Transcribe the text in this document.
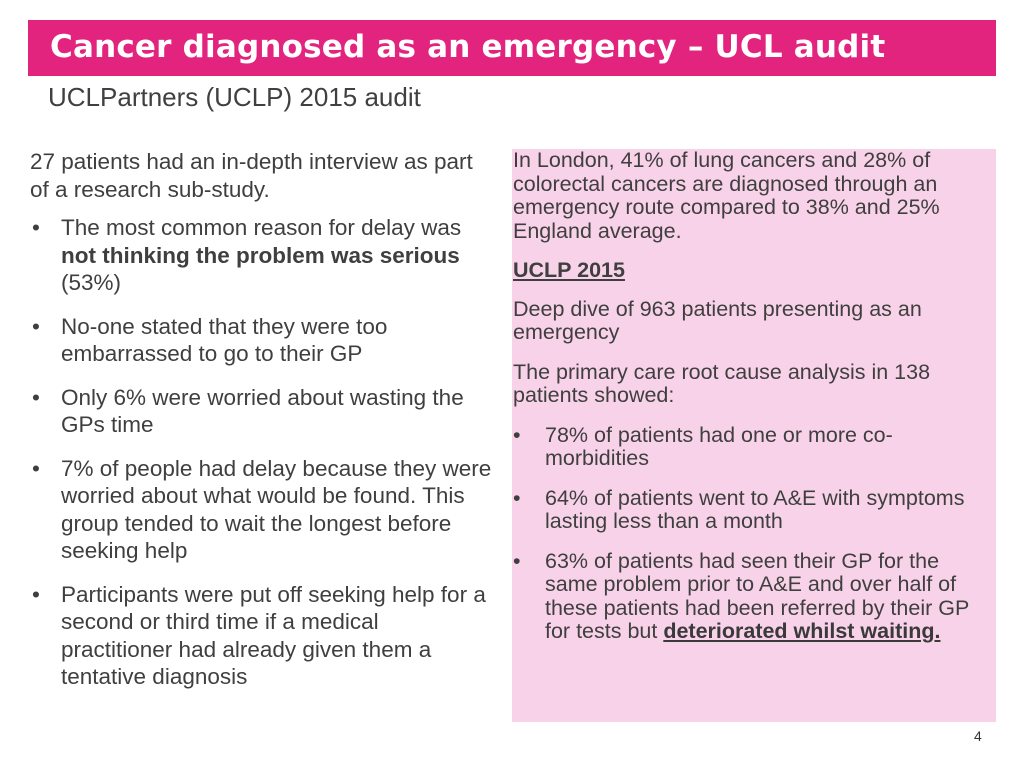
Cancer diagnosed as an emergency – UCL audit
UCLPartners (UCLP) 2015 audit

27 patients had an in-depth interview as part of a research sub-study.

• The most common reason for delay was not thinking the problem was serious (53%)
• No-one stated that they were too embarrassed to go to their GP
• Only 6% were worried about wasting the GPs time
• 7% of people had delay because they were worried about what would be found. This group tended to wait the longest before seeking help
• Participants were put off seeking help for a second or third time if a medical practitioner had already given them a tentative diagnosis

In London, 41% of lung cancers and 28% of colorectal cancers are diagnosed through an emergency route compared to 38% and 25% England average.

UCLP 2015

Deep dive of 963 patients presenting as an emergency

The primary care root cause analysis in 138 patients showed:

• 78% of patients had one or more co-morbidities
• 64% of patients went to A&E with symptoms lasting less than a month
• 63% of patients had seen their GP for the same problem prior to A&E and over half of these patients had been referred by their GP for tests but deteriorated whilst waiting.
4
